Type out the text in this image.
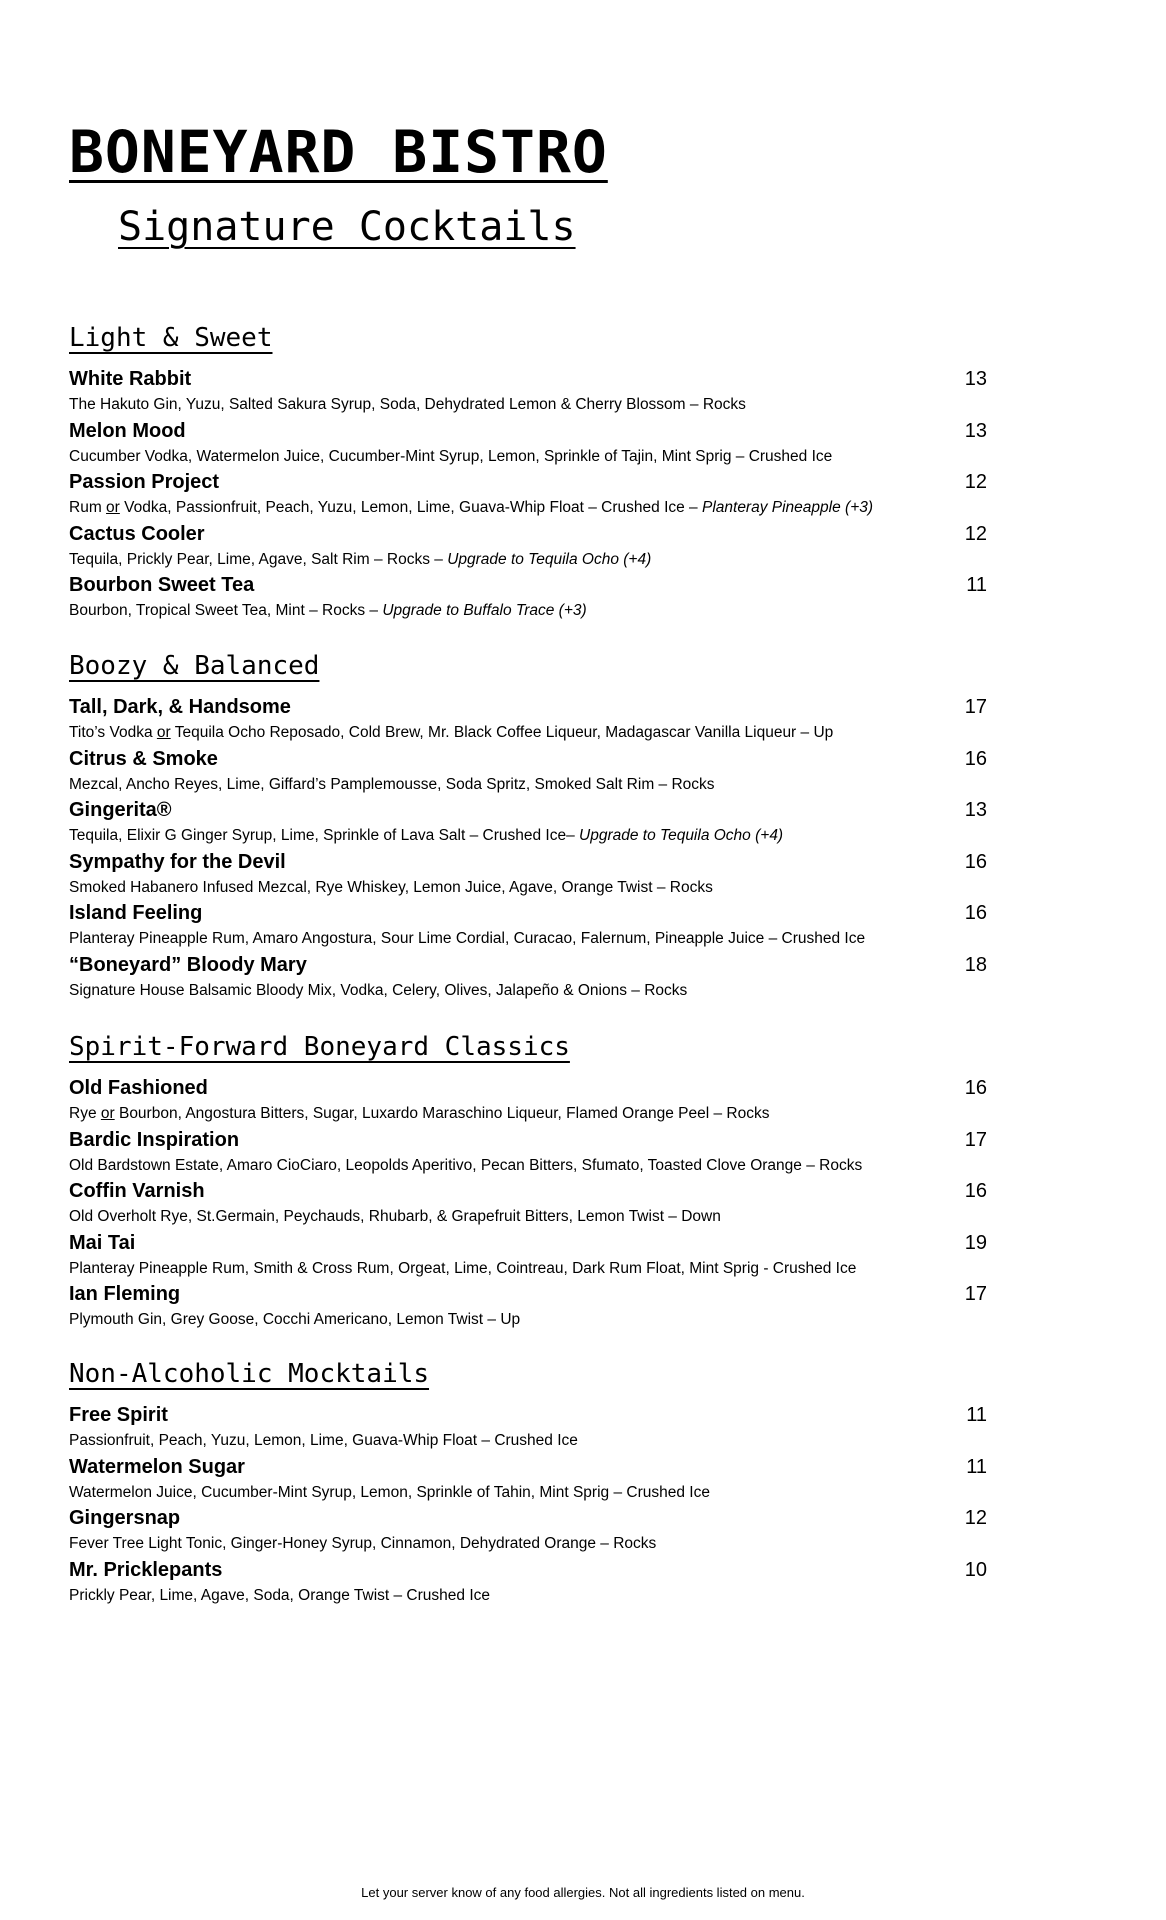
BONEYARD BISTRO
Signature Cocktails
Light & Sweet
White Rabbit	13
The Hakuto Gin, Yuzu, Salted Sakura Syrup, Soda, Dehydrated Lemon & Cherry Blossom – Rocks
Melon Mood	13
Cucumber Vodka, Watermelon Juice, Cucumber-Mint Syrup, Lemon, Sprinkle of Tajin, Mint Sprig – Crushed Ice
Passion Project	12
Rum or Vodka, Passionfruit, Peach, Yuzu, Lemon, Lime, Guava-Whip Float – Crushed Ice – Planteray Pineapple (+3)
Cactus Cooler	12
Tequila, Prickly Pear, Lime, Agave, Salt Rim – Rocks – Upgrade to Tequila Ocho (+4)
Bourbon Sweet Tea	11
Bourbon, Tropical Sweet Tea, Mint – Rocks – Upgrade to Buffalo Trace (+3)
Boozy & Balanced
Tall, Dark, & Handsome	17
Tito’s Vodka or Tequila Ocho Reposado, Cold Brew, Mr. Black Coffee Liqueur, Madagascar Vanilla Liqueur – Up
Citrus & Smoke	16
Mezcal, Ancho Reyes, Lime, Giffard’s Pamplemousse, Soda Spritz, Smoked Salt Rim – Rocks
Gingerita®	13
Tequila, Elixir G Ginger Syrup, Lime, Sprinkle of Lava Salt – Crushed Ice– Upgrade to Tequila Ocho (+4)
Sympathy for the Devil	16
Smoked Habanero Infused Mezcal, Rye Whiskey, Lemon Juice, Agave, Orange Twist – Rocks
Island Feeling	16
Planteray Pineapple Rum, Amaro Angostura, Sour Lime Cordial, Curacao, Falernum, Pineapple Juice – Crushed Ice
“Boneyard” Bloody Mary	18
Signature House Balsamic Bloody Mix, Vodka, Celery, Olives, Jalapeño & Onions – Rocks
Spirit-Forward Boneyard Classics
Old Fashioned	16
Rye or Bourbon, Angostura Bitters, Sugar, Luxardo Maraschino Liqueur, Flamed Orange Peel – Rocks
Bardic Inspiration	17
Old Bardstown Estate, Amaro CioCiaro, Leopolds Aperitivo, Pecan Bitters, Sfumato, Toasted Clove Orange – Rocks
Coffin Varnish	16
Old Overholt Rye, St.Germain, Peychauds, Rhubarb, & Grapefruit Bitters, Lemon Twist – Down
Mai Tai	19
Planteray Pineapple Rum, Smith & Cross Rum, Orgeat, Lime, Cointreau, Dark Rum Float, Mint Sprig - Crushed Ice
Ian Fleming	17
Plymouth Gin, Grey Goose, Cocchi Americano, Lemon Twist – Up
Non-Alcoholic Mocktails
Free Spirit	11
Passionfruit, Peach, Yuzu, Lemon, Lime, Guava-Whip Float – Crushed Ice
Watermelon Sugar	11
Watermelon Juice, Cucumber-Mint Syrup, Lemon, Sprinkle of Tahin, Mint Sprig – Crushed Ice
Gingersnap	12
Fever Tree Light Tonic, Ginger-Honey Syrup, Cinnamon, Dehydrated Orange – Rocks
Mr. Pricklepants	10
Prickly Pear, Lime, Agave, Soda, Orange Twist – Crushed Ice
Let your server know of any food allergies. Not all ingredients listed on menu.
